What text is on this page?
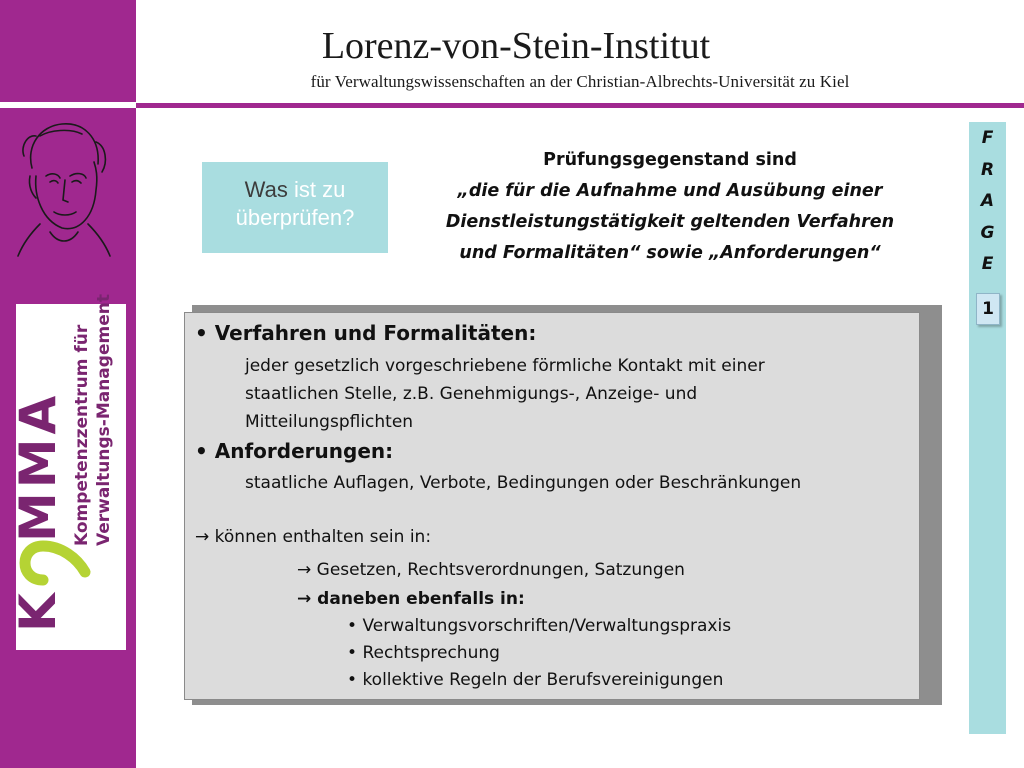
Lorenz-von-Stein-Institut
für Verwaltungswissenschaften an der Christian-Albrechts-Universität zu Kiel
K
MMA Kompetenzzentrum für Verwaltungs-Management
Was ist zu
überprüfen?
Prüfungsgegenstand sind
„die für die Aufnahme und Ausübung einer
Dienstleistungstätigkeit geltenden Verfahren
und Formalitäten“ sowie „Anforderungen“
• Verfahren und Formalitäten:
jeder gesetzlich vorgeschriebene förmliche Kontakt mit einer
staatlichen Stelle, z.B. Genehmigungs-, Anzeige- und
Mitteilungspflichten
• Anforderungen:
staatliche Auflagen, Verbote, Bedingungen oder Beschränkungen
→ können enthalten sein in:
→ Gesetzen, Rechtsverordnungen, Satzungen
→ daneben ebenfalls in:
• Verwaltungsvorschriften/Verwaltungspraxis
• Rechtsprechung
• kollektive Regeln der Berufsvereinigungen
F
R
A
G
E
1
